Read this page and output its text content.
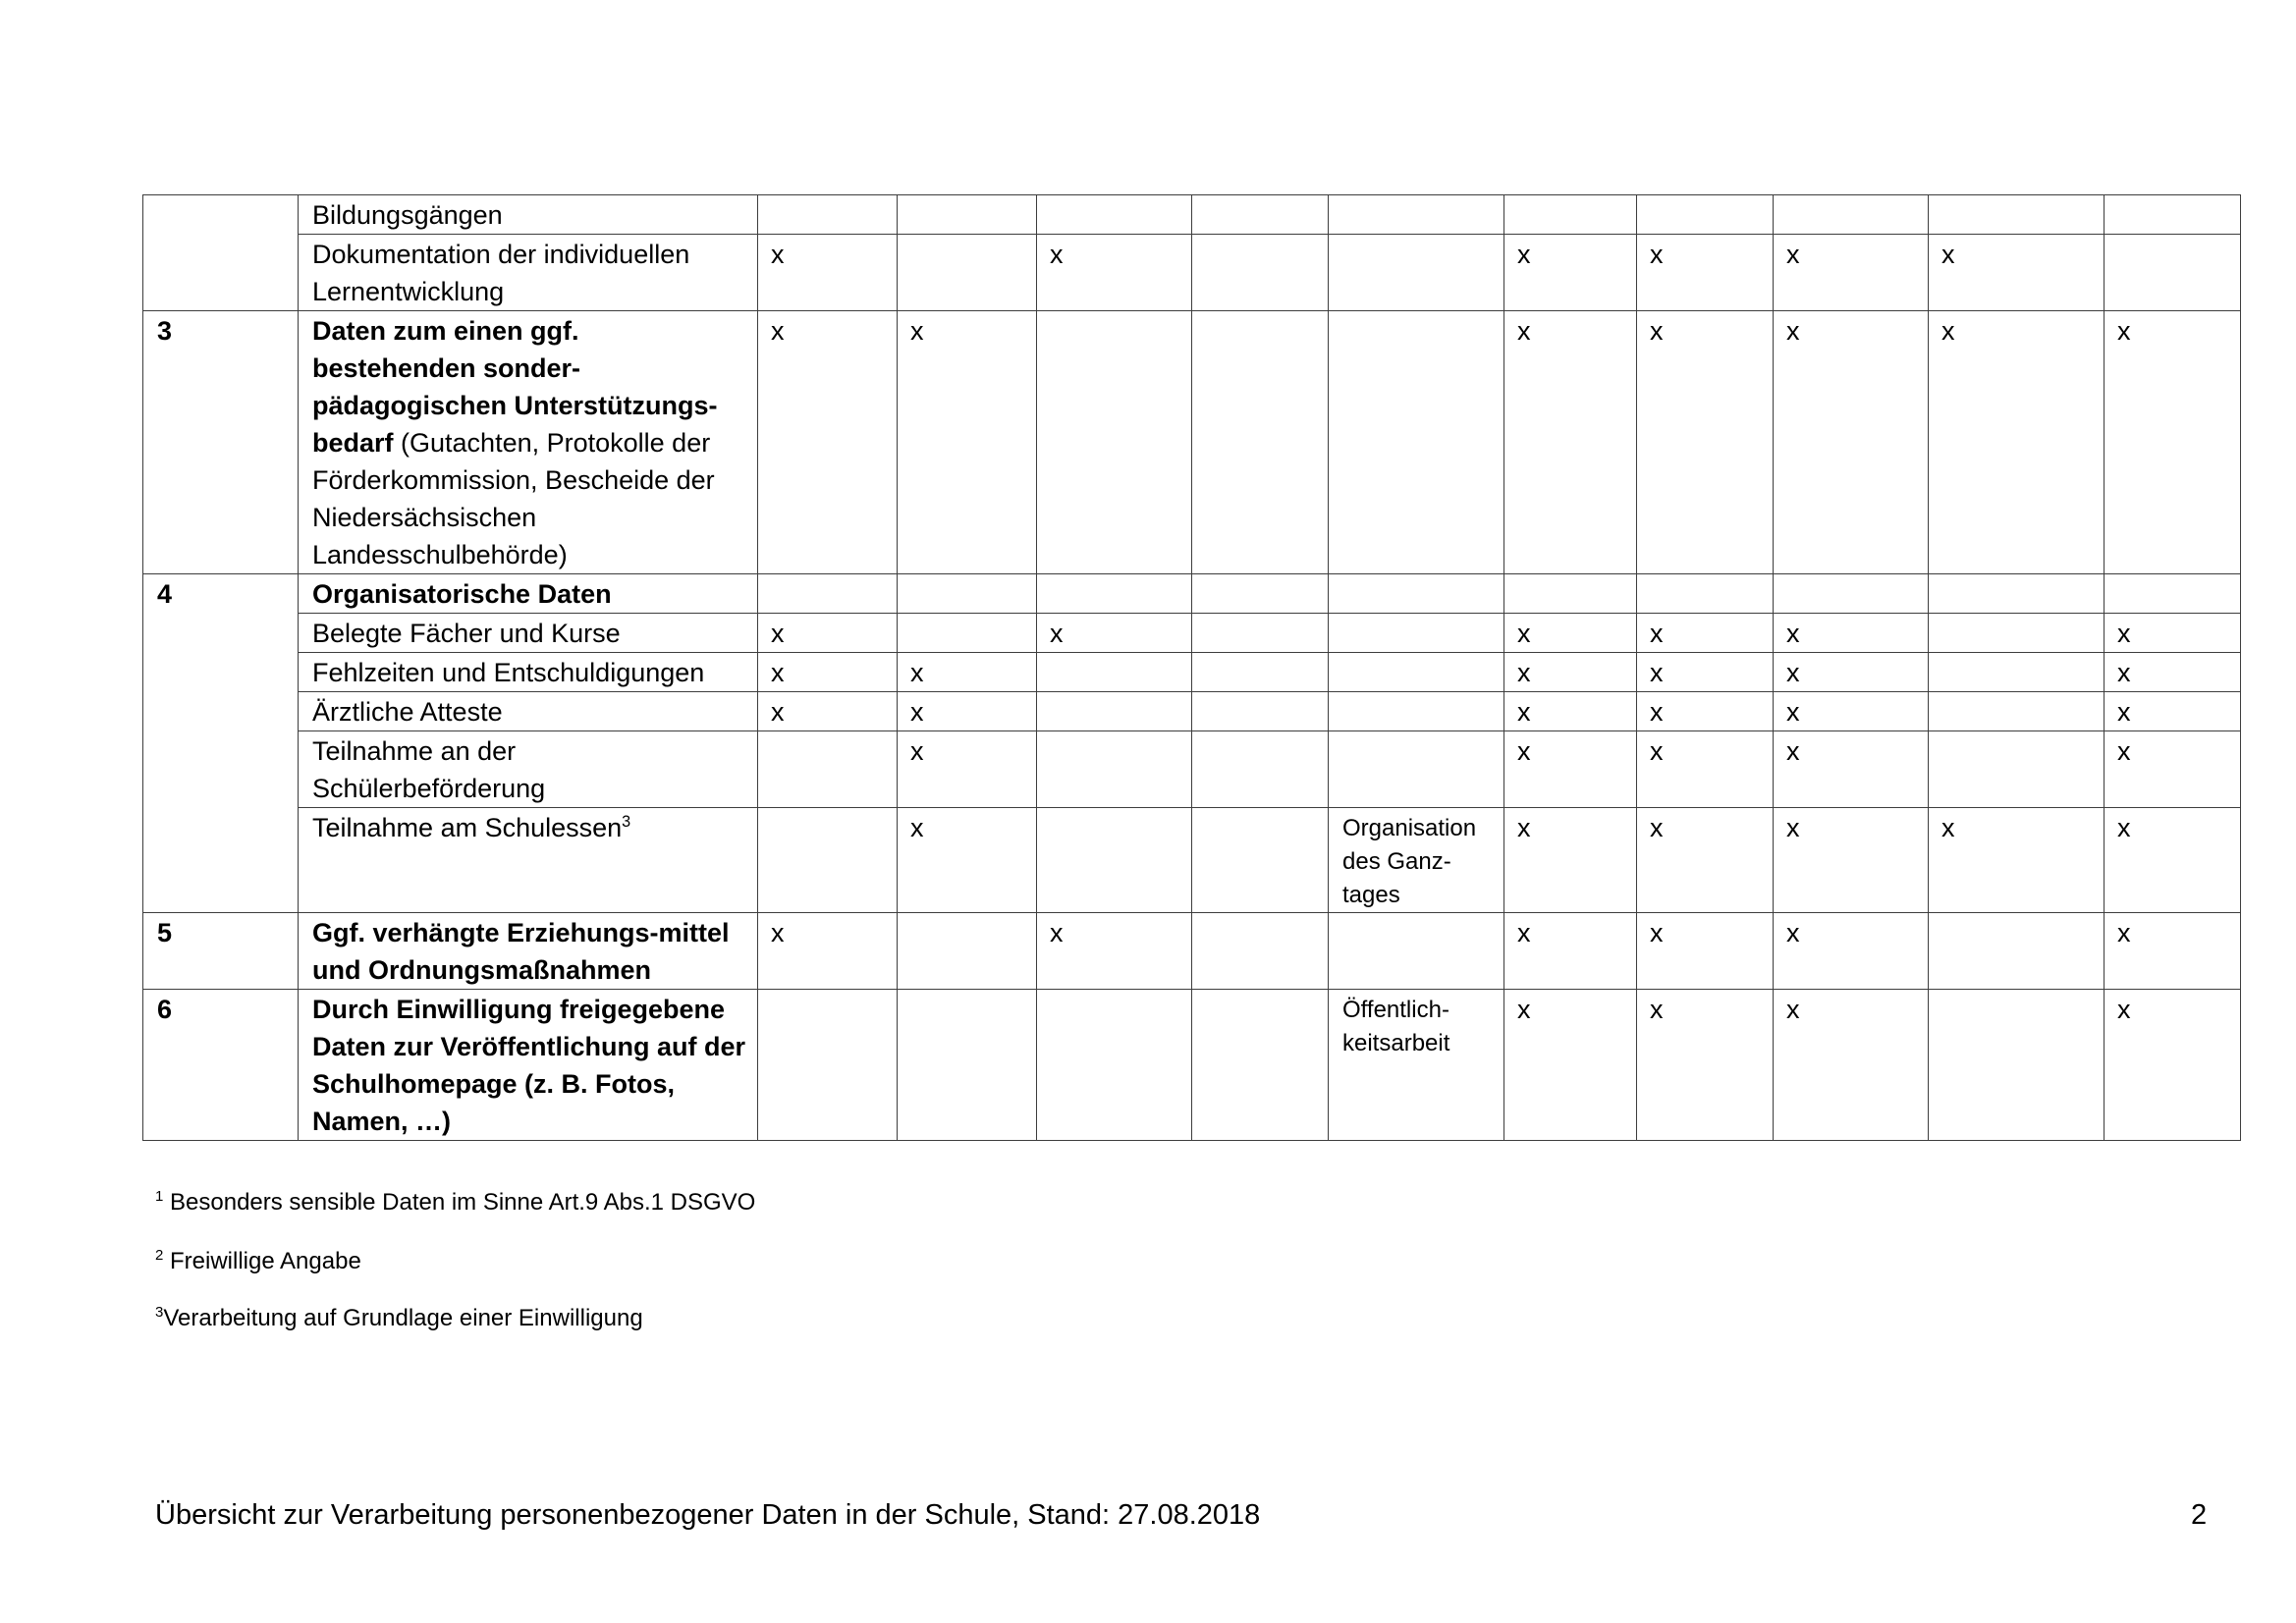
	Bildungsgängen										
	Dokumentation der individuellen Lernentwicklung	x		x			x	x	x	x	
3	Daten zum einen ggf. bestehenden sonder-pädagogischen Unterstützungs-bedarf (Gutachten, Protokolle der Förderkommission, Bescheide der Niedersächsischen Landesschulbehörde)	x	x				x	x	x	x	x
4	Organisatorische Daten										
	Belegte Fächer und Kurse	x		x			x	x	x		x
	Fehlzeiten und Entschuldigungen	x	x				x	x	x		x
	Ärztliche Atteste	x	x				x	x	x		x
	Teilnahme an der Schülerbeförderung		x				x	x	x		x
	Teilnahme am Schulessen$^3$		x			Organisation des Ganz-tages	x	x	x	x	x
5	Ggf. verhängte Erziehungs-mittel und Ordnungsmaßnahmen	x		x			x	x	x		x
6	Durch Einwilligung freigegebene Daten zur Veröffentlichung auf der Schulhomepage (z. B. Fotos, Namen, …)					Öffentlich-keitsarbeit	x	x	x		x
$^1$ Besonders sensible Daten im Sinne Art.9 Abs.1 DSGVO
$^2$ Freiwillige Angabe
$^3$Verarbeitung auf Grundlage einer Einwilligung
Übersicht zur Verarbeitung personenbezogener Daten in der Schule, Stand: 27.08.2018	2
